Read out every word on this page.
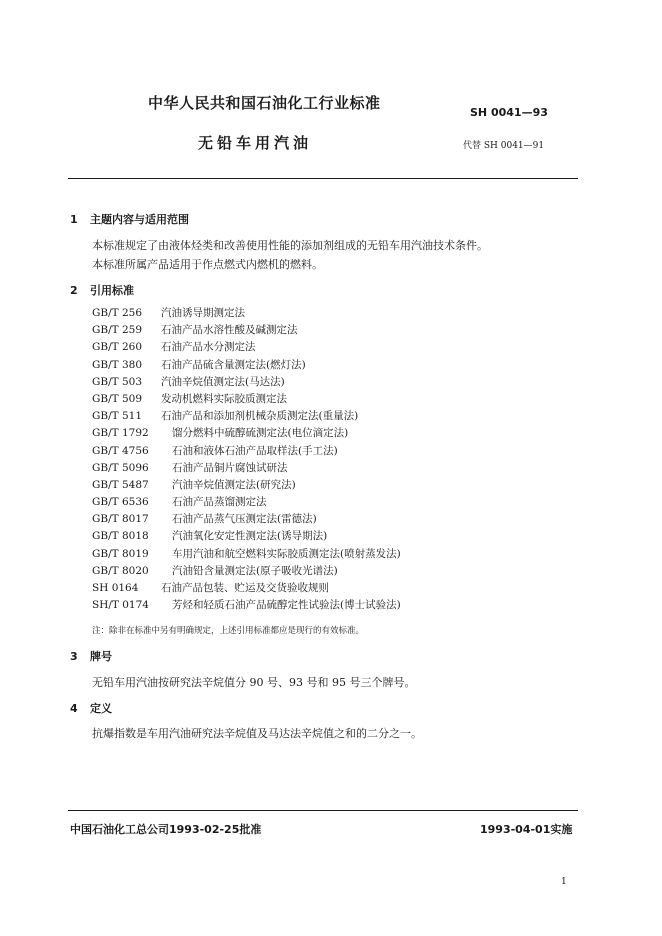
中华人民共和国石油化工行业标准
SH 0041—93
无铅车用汽油	代替 SH 0041—91
1 主题内容与适用范围
本标准规定了由液体烃类和改善使用性能的添加剂组成的无铅车用汽油技术条件。
本标准所属产品适用于作点燃式内燃机的燃料。
2 引用标准
GB/T 256 汽油诱导期测定法
GB/T 259 石油产品水溶性酸及碱测定法
GB/T 260 石油产品水分测定法
GB/T 380 石油产品硫含量测定法(燃灯法)
GB/T 503 汽油辛烷值测定法(马达法)
GB/T 509 发动机燃料实际胶质测定法
GB/T 511 石油产品和添加剂机械杂质测定法(重量法)
GB/T 1792 馏分燃料中硫醇硫测定法(电位滴定法)
GB/T 4756 石油和液体石油产品取样法(手工法)
GB/T 5096 石油产品铜片腐蚀试研法
GB/T 5487 汽油辛烷值测定法(研究法)
GB/T 6536 石油产品蒸馏测定法
GB/T 8017 石油产品蒸气压测定法(雷德法)
GB/T 8018 汽油氧化安定性测定法(诱导期法)
GB/T 8019 车用汽油和航空燃料实际胶质测定法(喷射蒸发法)
GB/T 8020 汽油铅含量测定法(原子吸收光谱法)
SH 0164 石油产品包装、贮运及交货验收规则
SH/T 0174 芳烃和轻质石油产品硫醇定性试验法(博士试验法)
注：除非在标准中另有明确规定，上述引用标准都应是现行的有效标准。
3 牌号
无铅车用汽油按研究法辛烷值分 90 号、93 号和 95 号三个牌号。
4 定义
抗爆指数是车用汽油研究法辛烷值及马达法辛烷值之和的二分之一。
中国石油化工总公司1993-02-25批准	1993-04-01实施
1
